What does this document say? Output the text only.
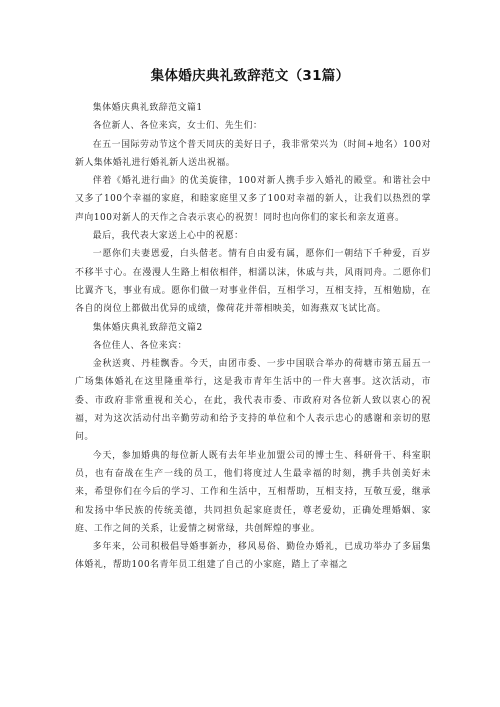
集体婚庆典礼致辞范文（31篇）

集体婚庆典礼致辞范文篇1

各位新人、各位来宾，女士们、先生们：

在五一国际劳动节这个普天同庆的美好日子，我非常荣兴为（时间+地名）100对新人集体婚礼进行婚礼新人送出祝福。

伴着《婚礼进行曲》的优美旋律，100对新人携手步入婚礼的殿堂。和谐社会中又多了100个幸福的家庭，和睦家庭里又多了100对幸福的新人，让我们以热烈的掌声向100对新人的天作之合表示衷心的祝贺！同时也向你们的家长和亲友道喜。

最后，我代表大家送上心中的祝愿：

一愿你们夫妻恩爱，白头偕老。情有自由爱有属，愿你们一朝结下千种爱，百岁不移半寸心。在漫漫人生路上相依相伴，相濡以沫，休戚与共，风雨同舟。二愿你们比翼齐飞，事业有成。愿你们做一对事业伴侣，互相学习，互相支持，互相勉励，在各自的岗位上都做出优异的成绩，像荷花并蒂相映美，如海燕双飞试比高。

集体婚庆典礼致辞范文篇2

各位佳人、各位来宾：

金秋送爽、丹桂飘香。今天，由团市委、一步中国联合举办的荷塘市第五届五一广场集体婚礼在这里隆重举行，这是我市青年生活中的一件大喜事。这次活动，市委、市政府非常重视和关心，在此，我代表市委、市政府对各位新人致以衷心的祝福，对为这次活动付出辛勤劳动和给予支持的单位和个人表示忠心的感谢和亲切的慰问。

今天，参加婚典的每位新人既有去年毕业加盟公司的博士生、科研骨干、科室职员，也有奋战在生产一线的员工，他们将度过人生最幸福的时刻，携手共创美好未来，希望你们在今后的学习、工作和生活中，互相帮助，互相支持，互敬互爱，继承和发扬中华民族的传统美德，共同担负起家庭责任，尊老爱幼，正确处理婚姻、家庭、工作之间的关系，让爱情之树常绿，共创辉煌的事业。

多年来，公司积极倡导婚事新办，移风易俗、勤俭办婚礼，已成功举办了多届集体婚礼，帮助100名青年员工组建了自己的小家庭，踏上了幸福之
